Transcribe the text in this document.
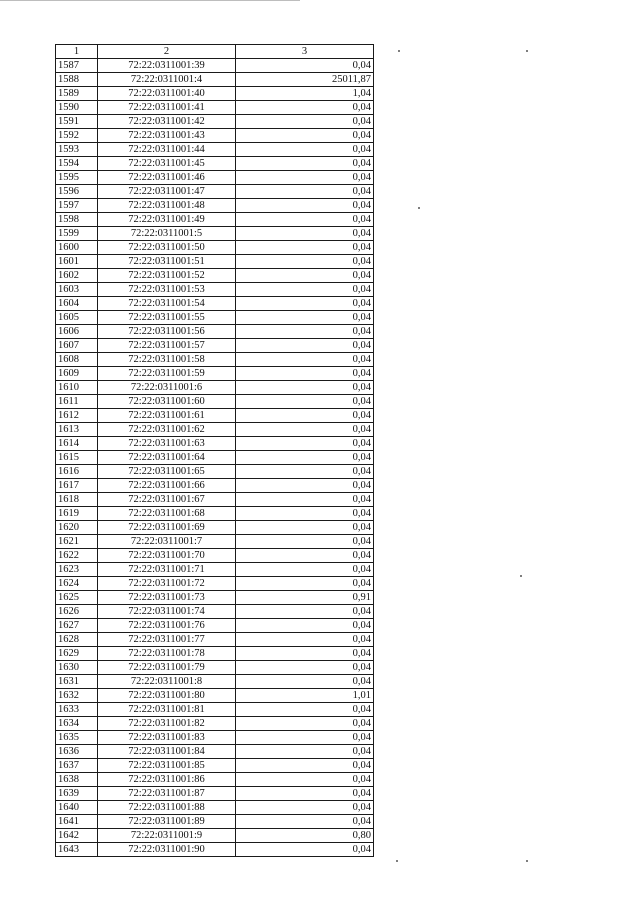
1	2	3
1587	72:22:0311001:39	0,04
1588	72:22:0311001:4	25011,87
1589	72:22:0311001:40	1,04
1590	72:22:0311001:41	0,04
1591	72:22:0311001:42	0,04
1592	72:22:0311001:43	0,04
1593	72:22:0311001:44	0,04
1594	72:22:0311001:45	0,04
1595	72:22:0311001:46	0,04
1596	72:22:0311001:47	0,04
1597	72:22:0311001:48	0,04
1598	72:22:0311001:49	0,04
1599	72:22:0311001:5	0,04
1600	72:22:0311001:50	0,04
1601	72:22:0311001:51	0,04
1602	72:22:0311001:52	0,04
1603	72:22:0311001:53	0,04
1604	72:22:0311001:54	0,04
1605	72:22:0311001:55	0,04
1606	72:22:0311001:56	0,04
1607	72:22:0311001:57	0,04
1608	72:22:0311001:58	0,04
1609	72:22:0311001:59	0,04
1610	72:22:0311001:6	0,04
1611	72:22:0311001:60	0,04
1612	72:22:0311001:61	0,04
1613	72:22:0311001:62	0,04
1614	72:22:0311001:63	0,04
1615	72:22:0311001:64	0,04
1616	72:22:0311001:65	0,04
1617	72:22:0311001:66	0,04
1618	72:22:0311001:67	0,04
1619	72:22:0311001:68	0,04
1620	72:22:0311001:69	0,04
1621	72:22:0311001:7	0,04
1622	72:22:0311001:70	0,04
1623	72:22:0311001:71	0,04
1624	72:22:0311001:72	0,04
1625	72:22:0311001:73	0,91
1626	72:22:0311001:74	0,04
1627	72:22:0311001:76	0,04
1628	72:22:0311001:77	0,04
1629	72:22:0311001:78	0,04
1630	72:22:0311001:79	0,04
1631	72:22:0311001:8	0,04
1632	72:22:0311001:80	1,01
1633	72:22:0311001:81	0,04
1634	72:22:0311001:82	0,04
1635	72:22:0311001:83	0,04
1636	72:22:0311001:84	0,04
1637	72:22:0311001:85	0,04
1638	72:22:0311001:86	0,04
1639	72:22:0311001:87	0,04
1640	72:22:0311001:88	0,04
1641	72:22:0311001:89	0,04
1642	72:22:0311001:9	0,80
1643	72:22:0311001:90	0,04
